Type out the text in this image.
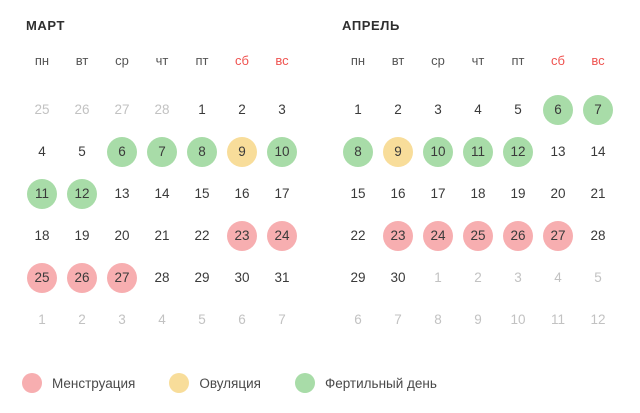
МАРТ
пн	вт	ср	чт	пт	сб	вс
25	26	27	28	1	2	3
4	5	6	7	8	9	10
11	12	13	14	15	16	17
18	19	20	21	22	23	24
25	26	27	28	29	30	31
1	2	3	4	5	6	7
АПРЕЛЬ
пн	вт	ср	чт	пт	сб	вс
1	2	3	4	5	6	7
8	9	10	11	12	13	14
15	16	17	18	19	20	21
22	23	24	25	26	27	28
29	30	1	2	3	4	5
6	7	8	9	10	11	12
Менструация	Овуляция	Фертильный день
